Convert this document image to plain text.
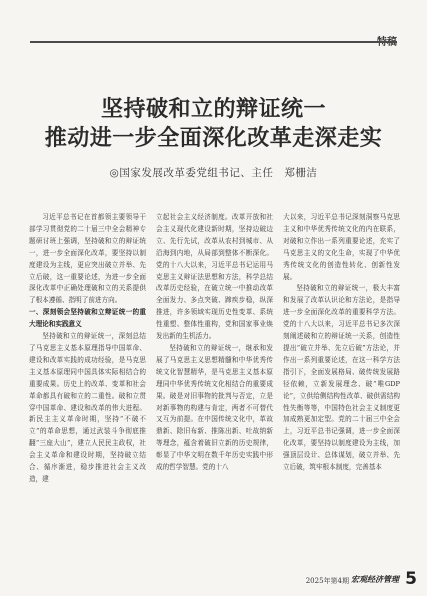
坚持破和立的辩证统一
推动进一步全面深化改革走深走实
◎国家发展改革委党组书记、主任　郑栅洁

习近平总书记在首都领主要领导干部学习贯彻党的二十届三中全会精神专题研讨班上强调，坚持破和立的辩证统一，进一步全面深化改革，要坚持以制度建设为主线，更应突出破立并举、先立后破，这一重要论述，为进一步全面深化改革中正确处理破和立的关系提供了根本遵循、指明了前进方向。

一、深刻领会坚持破和立辩证统一的重大理论和实践意义

坚持破和立的辩证统一，深刻总结了马克思主义基本原理指导中国革命、建设和改革实践的成功经验，是马克思主义基本原理同中国具体实际相结合的重要成果。历史上的改革、变革和社会革命都具有破和立的二重性。破和立贯穿中国革命、建设和改革的伟大进程。新民主主义革命时期，坚持“不破不立”的革命思想，通过武装斗争彻底推翻“三座大山”，建立人民民主政权，社会主义革命和建设时期，坚持破立结合、循序渐进，稳步推进社会主义改造，建

立起社会主义经济制度。改革开放和社会主义现代化建设新时期，坚持边破边立、先行先试，改革从农村到城市、从沿海到内地，从局部到整体不断深化。党的十八大以来，习近平总书记运用马克思主义辩证法思想和方法，科学总结改革历史经验，在破立统一中推动改革全面发力、多点突破、蹄疾步稳，纵深推进，许多领域实现历史性变革、系统性重塑、整体性重构，党和国家事业焕发出新的生机活力。

坚持破和立的辩证统一，继承和发展了马克思主义思想精髓和中华优秀传统文化智慧精华，是马克思主义基本原理同中华优秀传统文化相结合的重要成果。破是对旧事物的批判与否定，立是对新事物的构建与肯定，两者不可替代又互为前提。在中国传统文化中，革故鼎新、除旧布新、推陈出新、吐故纳新等理念，蕴含着破旧立新的历史规律，彰显了中华文明在数千年历史实践中形成的哲学智慧。党的十八

大以来，习近平总书记深刻洞察马克思主义和中华优秀传统文化的内在联系，对破和立作出一系列重要论述，充实了马克思主义的文化生命，实现了中华优秀传统文化的创造性转化、创新性发展。

坚持破和立的辩证统一，极大丰富和发展了改革认识论和方法论，是指导进一步全面深化改革的重要科学方法。党的十八大以来，习近平总书记多次深刻阐述破和立的辩证统一关系，创造性提出“破立并举、先立后破”方法论，并作出一系列重要论述，在这一科学方法指引下，全面发展格局、破传统发展路径依赖，立新发展理念、破“唯GDP论”，立供给侧结构性改革、破供需结构性失衡等等，中国特色社会主义制度更加成熟更加定型。党的二十届三中全会上，习近平总书记强调，进一步全面深化改革，要坚持以制度建设为主线，加强顶层设计、总体谋划，破立并举、先立后破，筑牢根本制度，完善基本

2025年第4期 宏观经济管理 5
